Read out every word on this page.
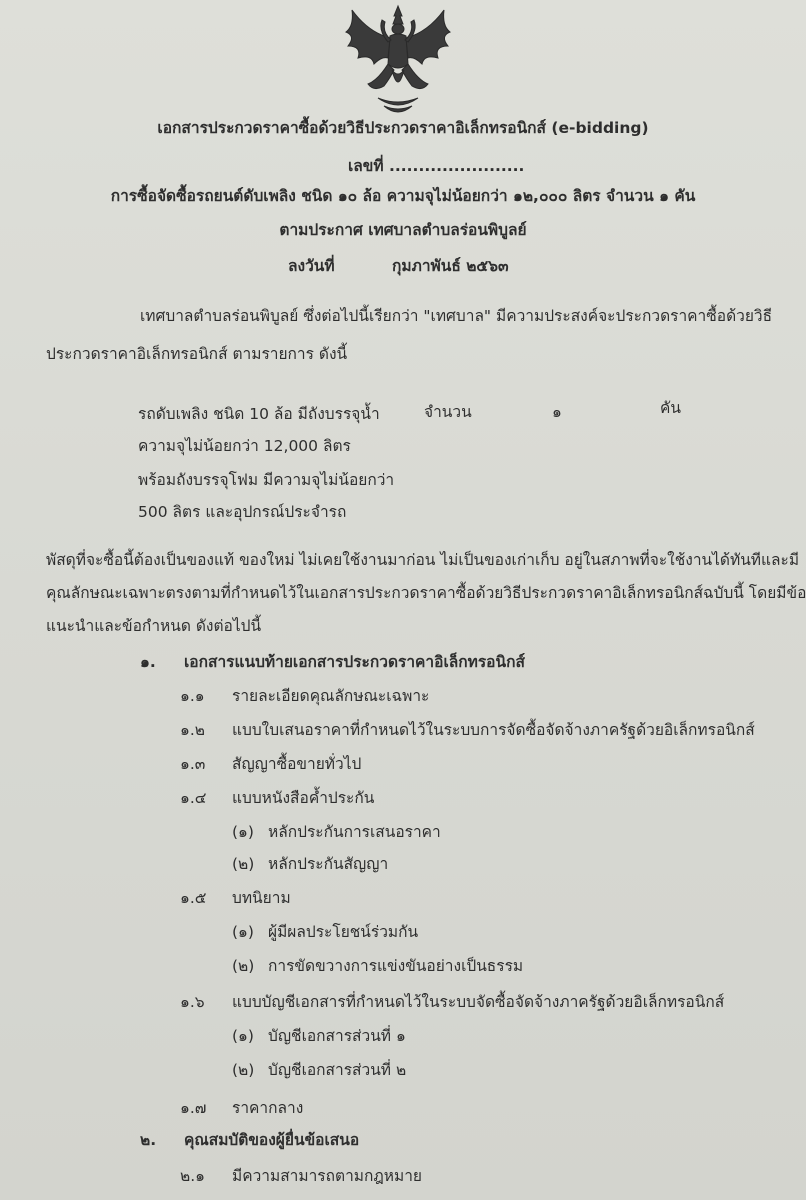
เอกสารประกวดราคาซื้อด้วยวิธีประกวดราคาอิเล็กทรอนิกส์ (e-bidding)
เลขที่ .......................
การซื้อจัดซื้อรถยนต์ดับเพลิง ชนิด ๑๐ ล้อ ความจุไม่น้อยกว่า ๑๒,๐๐๐ ลิตร จำนวน ๑ คัน
ตามประกาศ เทศบาลตำบลร่อนพิบูลย์
ลงวันที่	กุมภาพันธ์ ๒๕๖๓
เทศบาลตำบลร่อนพิบูลย์ ซึ่งต่อไปนี้เรียกว่า "เทศบาล" มีความประสงค์จะประกวดราคาซื้อด้วยวิธี
ประกวดราคาอิเล็กทรอนิกส์ ตามรายการ ดังนี้
รถดับเพลิง ชนิด 10 ล้อ มีถังบรรจุน้ำ
ความจุไม่น้อยกว่า 12,000 ลิตร
พร้อมถังบรรจุโฟม มีความจุไม่น้อยกว่า
500 ลิตร และอุปกรณ์ประจำรถ
จำนวน	๑	คัน
พัสดุที่จะซื้อนี้ต้องเป็นของแท้ ของใหม่ ไม่เคยใช้งานมาก่อน ไม่เป็นของเก่าเก็บ อยู่ในสภาพที่จะใช้งานได้ทันทีและมี
คุณลักษณะเฉพาะตรงตามที่กำหนดไว้ในเอกสารประกวดราคาซื้อด้วยวิธีประกวดราคาอิเล็กทรอนิกส์ฉบับนี้ โดยมีข้อ
แนะนำและข้อกำหนด ดังต่อไปนี้
๑. เอกสารแนบท้ายเอกสารประกวดราคาอิเล็กทรอนิกส์
๑.๑ รายละเอียดคุณลักษณะเฉพาะ
๑.๒ แบบใบเสนอราคาที่กำหนดไว้ในระบบการจัดซื้อจัดจ้างภาครัฐด้วยอิเล็กทรอนิกส์
๑.๓ สัญญาซื้อขายทั่วไป
๑.๔ แบบหนังสือค้ำประกัน
(๑) หลักประกันการเสนอราคา
(๒) หลักประกันสัญญา
๑.๕ บทนิยาม
(๑) ผู้มีผลประโยชน์ร่วมกัน
(๒) การขัดขวางการแข่งขันอย่างเป็นธรรม
๑.๖ แบบบัญชีเอกสารที่กำหนดไว้ในระบบจัดซื้อจัดจ้างภาครัฐด้วยอิเล็กทรอนิกส์
(๑) บัญชีเอกสารส่วนที่ ๑
(๒) บัญชีเอกสารส่วนที่ ๒
๑.๗ ราคากลาง
๒. คุณสมบัติของผู้ยื่นข้อเสนอ
๒.๑ มีความสามารถตามกฎหมาย
